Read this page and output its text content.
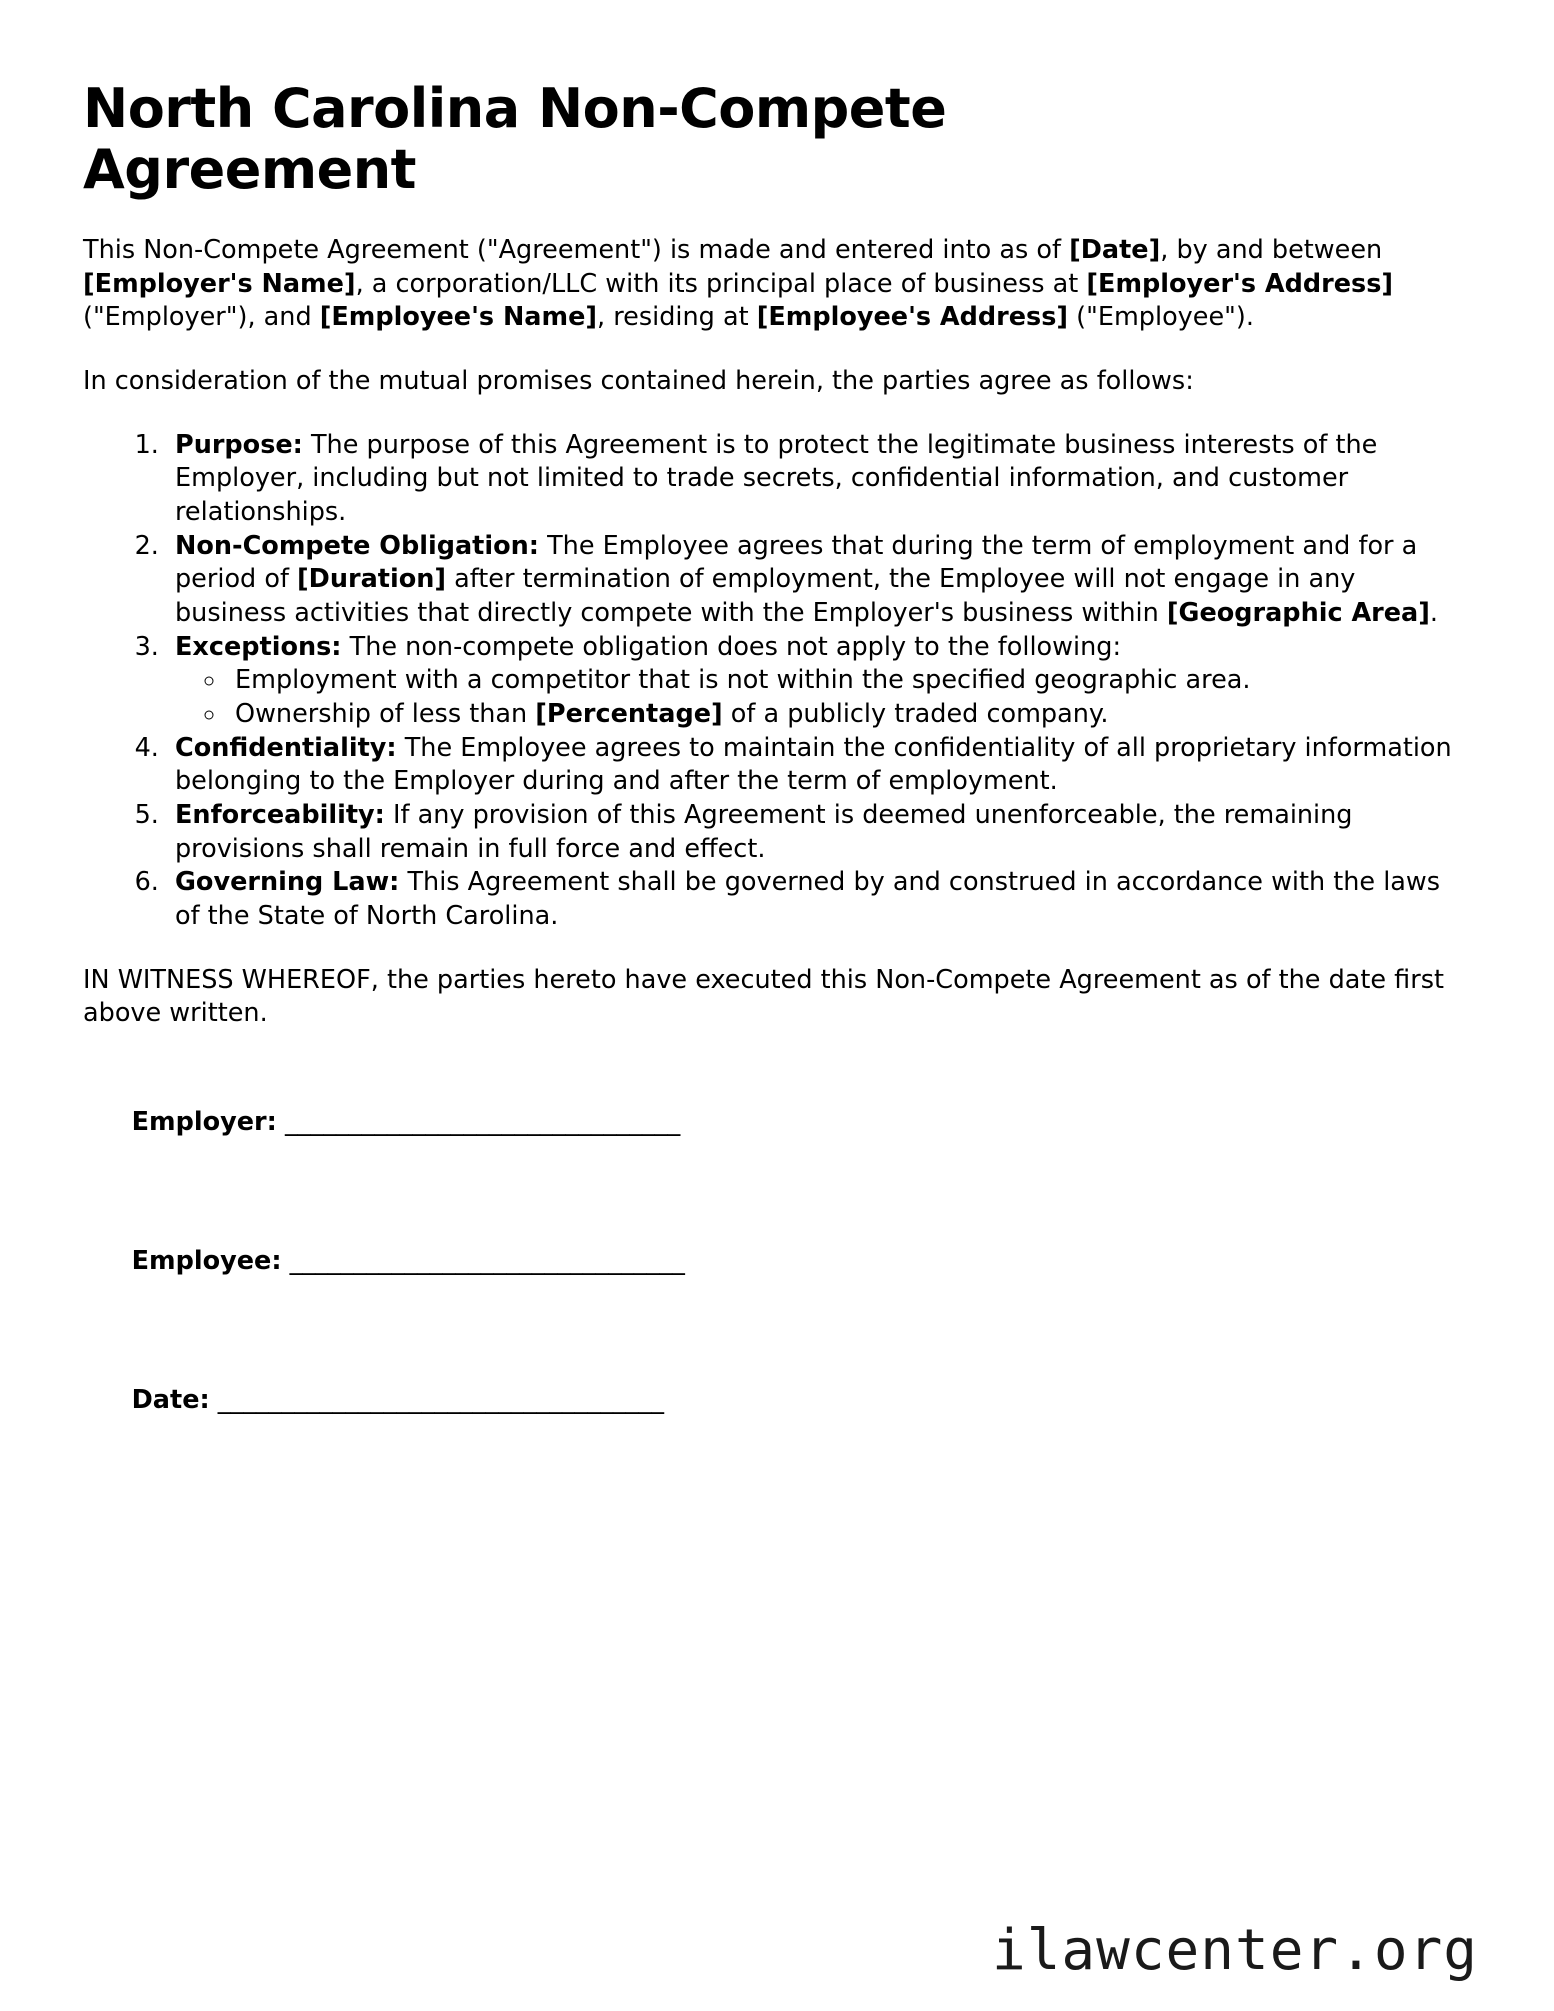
North Carolina Non-Compete Agreement

This Non-Compete Agreement ("Agreement") is made and entered into as of [Date], by and between [Employer's Name], a corporation/LLC with its principal place of business at [Employer's Address] ("Employer"), and [Employee's Name], residing at [Employee's Address] ("Employee").

In consideration of the mutual promises contained herein, the parties agree as follows:

1. Purpose: The purpose of this Agreement is to protect the legitimate business interests of the Employer, including but not limited to trade secrets, confidential information, and customer relationships.
2. Non-Compete Obligation: The Employee agrees that during the term of employment and for a period of [Duration] after termination of employment, the Employee will not engage in any business activities that directly compete with the Employer's business within [Geographic Area].
3. Exceptions: The non-compete obligation does not apply to the following:
◦ Employment with a competitor that is not within the specified geographic area.
◦ Ownership of less than [Percentage] of a publicly traded company.
4. Confidentiality: The Employee agrees to maintain the confidentiality of all proprietary information belonging to the Employer during and after the term of employment.
5. Enforceability: If any provision of this Agreement is deemed unenforceable, the remaining provisions shall remain in full force and effect.
6. Governing Law: This Agreement shall be governed by and construed in accordance with the laws of the State of North Carolina.

IN WITNESS WHEREOF, the parties hereto have executed this Non-Compete Agreement as of the date first above written.

Employer: _______________________________

Employee: _______________________________

Date: ___________________________________

ilawcenter.org
